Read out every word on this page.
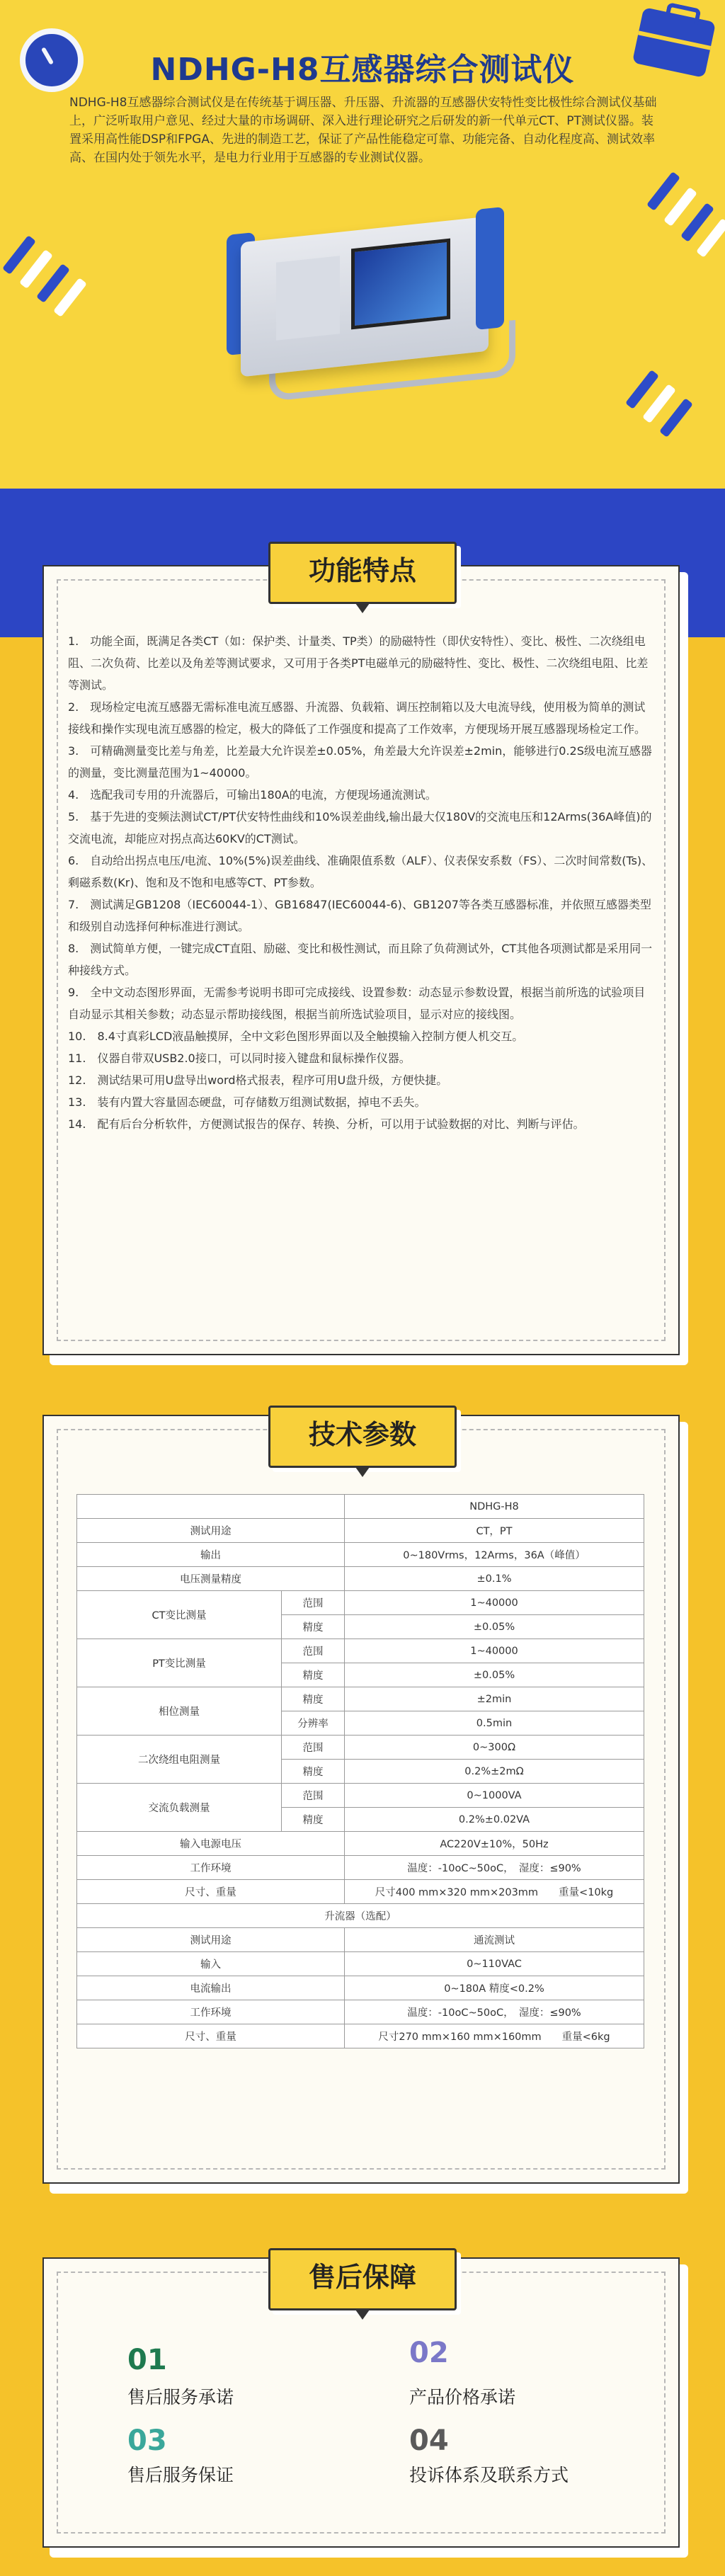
NDHG-H8互感器综合测试仪
NDHG-H8互感器综合测试仪是在传统基于调压器、升压器、升流器的互感器伏安特性变比极性综合测试仪基础上，广泛听取用户意见、经过大量的市场调研、深入进行理论研究之后研发的新一代单元CT、PT测试仪器。装置采用高性能DSP和FPGA、先进的制造工艺，保证了产品性能稳定可靠、功能完备、自动化程度高、测试效率高、在国内处于领先水平，是电力行业用于互感器的专业测试仪器。
功能特点

1.　功能全面，既满足各类CT（如：保护类、计量类、TP类）的励磁特性（即伏安特性）、变比、极性、二次绕组电阻、二次负荷、比差以及角差等测试要求，又可用于各类PT电磁单元的励磁特性、变比、极性、二次绕组电阻、比差等测试。

2.　现场检定电流互感器无需标准电流互感器、升流器、负载箱、调压控制箱以及大电流导线，使用极为简单的测试接线和操作实现电流互感器的检定，极大的降低了工作强度和提高了工作效率，方便现场开展互感器现场检定工作。

3.　可精确测量变比差与角差，比差最大允许误差±0.05%，角差最大允许误差±2min，能够进行0.2S级电流互感器的测量，变比测量范围为1~40000。

4.　选配我司专用的升流器后，可输出180A的电流，方便现场通流测试。

5.　基于先进的变频法测试CT/PT伏安特性曲线和10%误差曲线,输出最大仅180V的交流电压和12Arms(36A峰值)的交流电流，却能应对拐点高达60KV的CT测试。

6.　自动给出拐点电压/电流、10%(5%)误差曲线、准确限值系数（ALF）、仪表保安系数（FS）、二次时间常数(Ts)、剩磁系数(Kr)、饱和及不饱和电感等CT、PT参数。

7.　测试满足GB1208（IEC60044-1）、GB16847(IEC60044-6)、GB1207等各类互感器标准，并依照互感器类型和级别自动选择何种标准进行测试。

8.　测试简单方便，一键完成CT直阻、励磁、变比和极性测试，而且除了负荷测试外，CT其他各项测试都是采用同一种接线方式。

9.　全中文动态图形界面，无需参考说明书即可完成接线、设置参数：动态显示参数设置，根据当前所选的试验项目自动显示其相关参数；动态显示帮助接线图，根据当前所选试验项目，显示对应的接线图。

10.　8.4寸真彩LCD液晶触摸屏，全中文彩色图形界面以及全触摸输入控制方便人机交互。

11.　仪器自带双USB2.0接口，可以同时接入键盘和鼠标操作仪器。

12.　测试结果可用U盘导出word格式报表，程序可用U盘升级，方便快捷。

13.　装有内置大容量固态硬盘，可存储数万组测试数据，掉电不丢失。

14.　配有后台分析软件，方便测试报告的保存、转换、分析，可以用于试验数据的对比、判断与评估。

技术参数
		NDHG-H8
测试用途		CT，PT
输出		0~180Vrms，12Arms，36A（峰值）
电压测量精度		±0.1%
CT变比测量	范围	1~40000
	精度	±0.05%
PT变比测量	范围	1~40000
	精度	±0.05%
相位测量	精度	±2min
	分辨率	0.5min
二次绕组电阻测量	范围	0~300Ω
	精度	0.2%±2mΩ
交流负载测量	范围	0~1000VA
	精度	0.2%±0.02VA
输入电源电压		AC220V±10%，50Hz
工作环境		温度：-10oC~50oC，　湿度：≤90%
尺寸、重量		尺寸400 mm×320 mm×203mm　　重量<10kg
升流器（选配）		
测试用途		通流测试
输入		0~110VAC
电流输出		0~180A 精度<0.2%
工作环境		温度：-10oC~50oC，　湿度：≤90%
尺寸、重量		尺寸270 mm×160 mm×160mm　　重量<6kg
售后保障
01
售后服务承诺
02
产品价格承诺
03
售后服务保证
04
投诉体系及联系方式
